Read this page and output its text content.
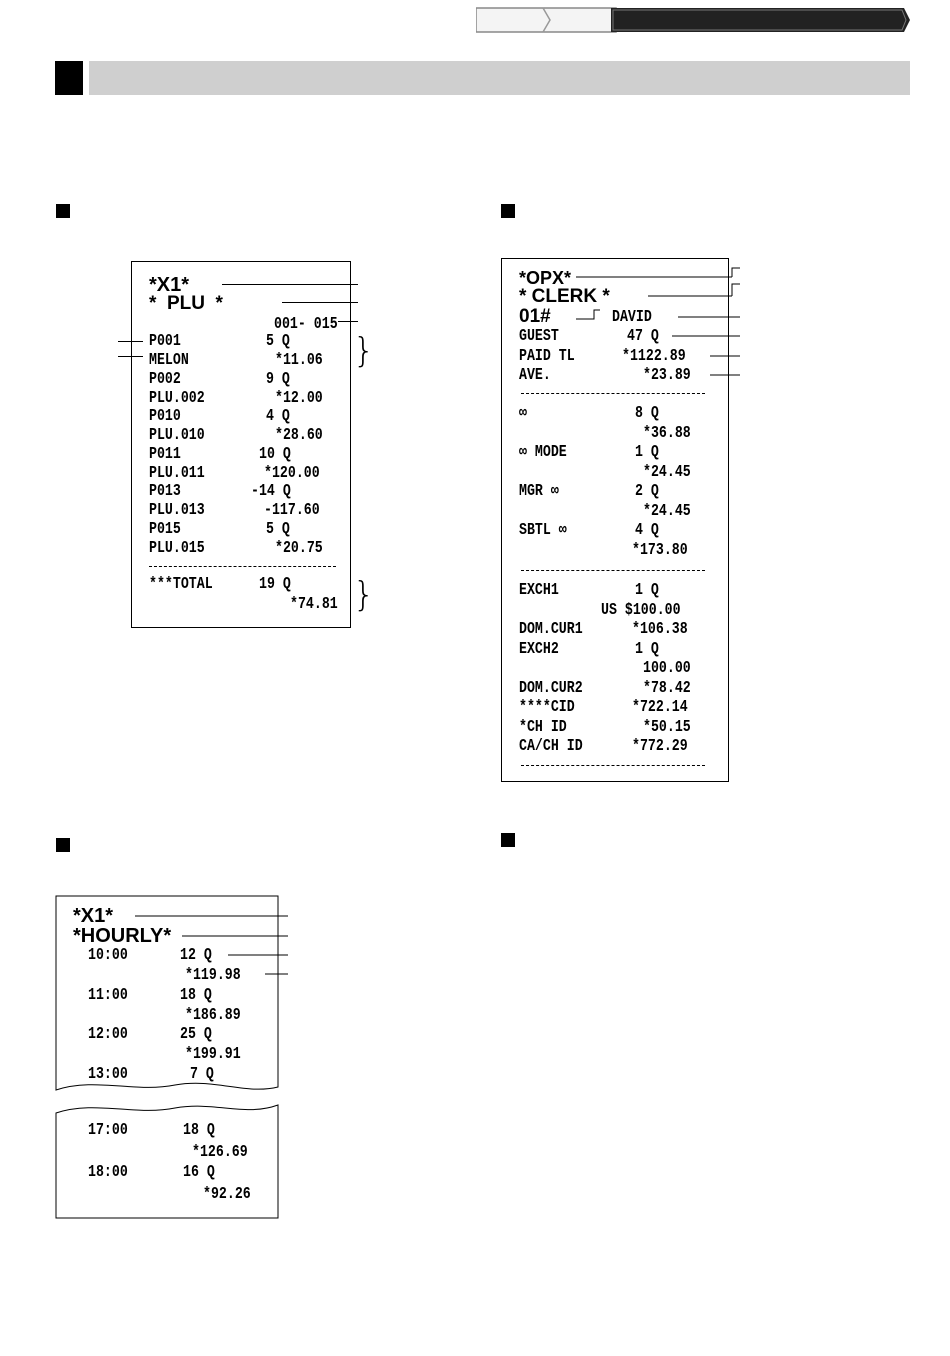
*X1*
*  PLU  *
001- 015
P001	5 Q
MELON	*11.06
P002	9 Q
PLU.002	*12.00
P010	4 Q
PLU.010	*28.60
P011	10 Q
PLU.011	*120.00
P013	-14 Q
PLU.013	-117.60
P015	5 Q
PLU.015	*20.75
***TOTAL	19 Q
*74.81
}
}
*OPX*
* CLERK *
01#	DAVID
GUEST	47 Q
PAID TL	*1122.89
AVE.	*23.89
∞	8 Q
*36.88
∞ MODE	1 Q
*24.45
MGR ∞	2 Q
*24.45
SBTL ∞	4 Q
*173.80
EXCH1	1 Q
US $100.00
DOM.CUR1	*106.38
EXCH2	1 Q
100.00
DOM.CUR2	*78.42
****CID	*722.14
*CH ID	*50.15
CA/CH ID	*772.29
*X1*
*HOURLY*
10:00	12 Q
*119.98
11:00	18 Q
*186.89
12:00	25 Q
*199.91
13:00	7 Q
17:00	18 Q
*126.69
18:00	16 Q
*92.26
